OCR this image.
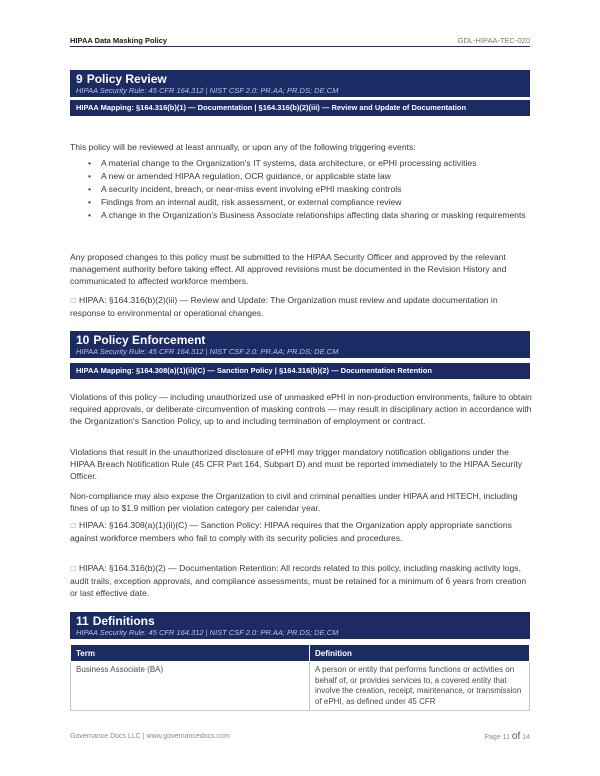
HIPAA Data Masking Policy	GDL-HIPAA-TEC-020
9 Policy Review
HIPAA Security Rule: 45 CFR 164.312 | NIST CSF 2.0: PR.AA; PR.DS; DE.CM
HIPAA Mapping: §164.316(b)(1) — Documentation | §164.316(b)(2)(iii) — Review and Update of Documentation

This policy will be reviewed at least annually, or upon any of the following triggering events:

• A material change to the Organization's IT systems, data architecture, or ePHI processing activities
• A new or amended HIPAA regulation, OCR guidance, or applicable state law
• A security incident, breach, or near-miss event involving ePHI masking controls
• Findings from an internal audit, risk assessment, or external compliance review
• A change in the Organization's Business Associate relationships affecting data sharing or masking requirements

Any proposed changes to this policy must be submitted to the HIPAA Security Officer and approved by the relevant management authority before taking effect. All approved revisions must be documented in the Revision History and communicated to affected workforce members.

☐ HIPAA: §164.316(b)(2)(iii) — Review and Update: The Organization must review and update documentation in response to environmental or operational changes.

10 Policy Enforcement
HIPAA Security Rule: 45 CFR 164.312 | NIST CSF 2.0: PR.AA; PR.DS; DE.CM
HIPAA Mapping: §164.308(a)(1)(ii)(C) — Sanction Policy | §164.316(b)(2) — Documentation Retention

Violations of this policy — including unauthorized use of unmasked ePHI in non-production environments, failure to obtain required approvals, or deliberate circumvention of masking controls — may result in disciplinary action in accordance with the Organization's Sanction Policy, up to and including termination of employment or contract.

Violations that result in the unauthorized disclosure of ePHI may trigger mandatory notification obligations under the HIPAA Breach Notification Rule (45 CFR Part 164, Subpart D) and must be reported immediately to the HIPAA Security Officer.

Non-compliance may also expose the Organization to civil and criminal penalties under HIPAA and HITECH, including fines of up to $1.9 million per violation category per calendar year.

☐ HIPAA: §164.308(a)(1)(ii)(C) — Sanction Policy: HIPAA requires that the Organization apply appropriate sanctions against workforce members who fail to comply with its security policies and procedures.

☐ HIPAA: §164.316(b)(2) — Documentation Retention: All records related to this policy, including masking activity logs, audit trails, exception approvals, and compliance assessments, must be retained for a minimum of 6 years from creation or last effective date.

11 Definitions
HIPAA Security Rule: 45 CFR 164.312 | NIST CSF 2.0: PR.AA; PR.DS; DE.CM
Term	Definition
Business Associate (BA)	A person or entity that performs functions or activities on behalf of, or provides services to, a covered entity that involve the creation, receipt, maintenance, or transmission of ePHI, as defined under 45 CFR
Governance Docs LLC | www.governancedocs.com	Page 11 of 14
